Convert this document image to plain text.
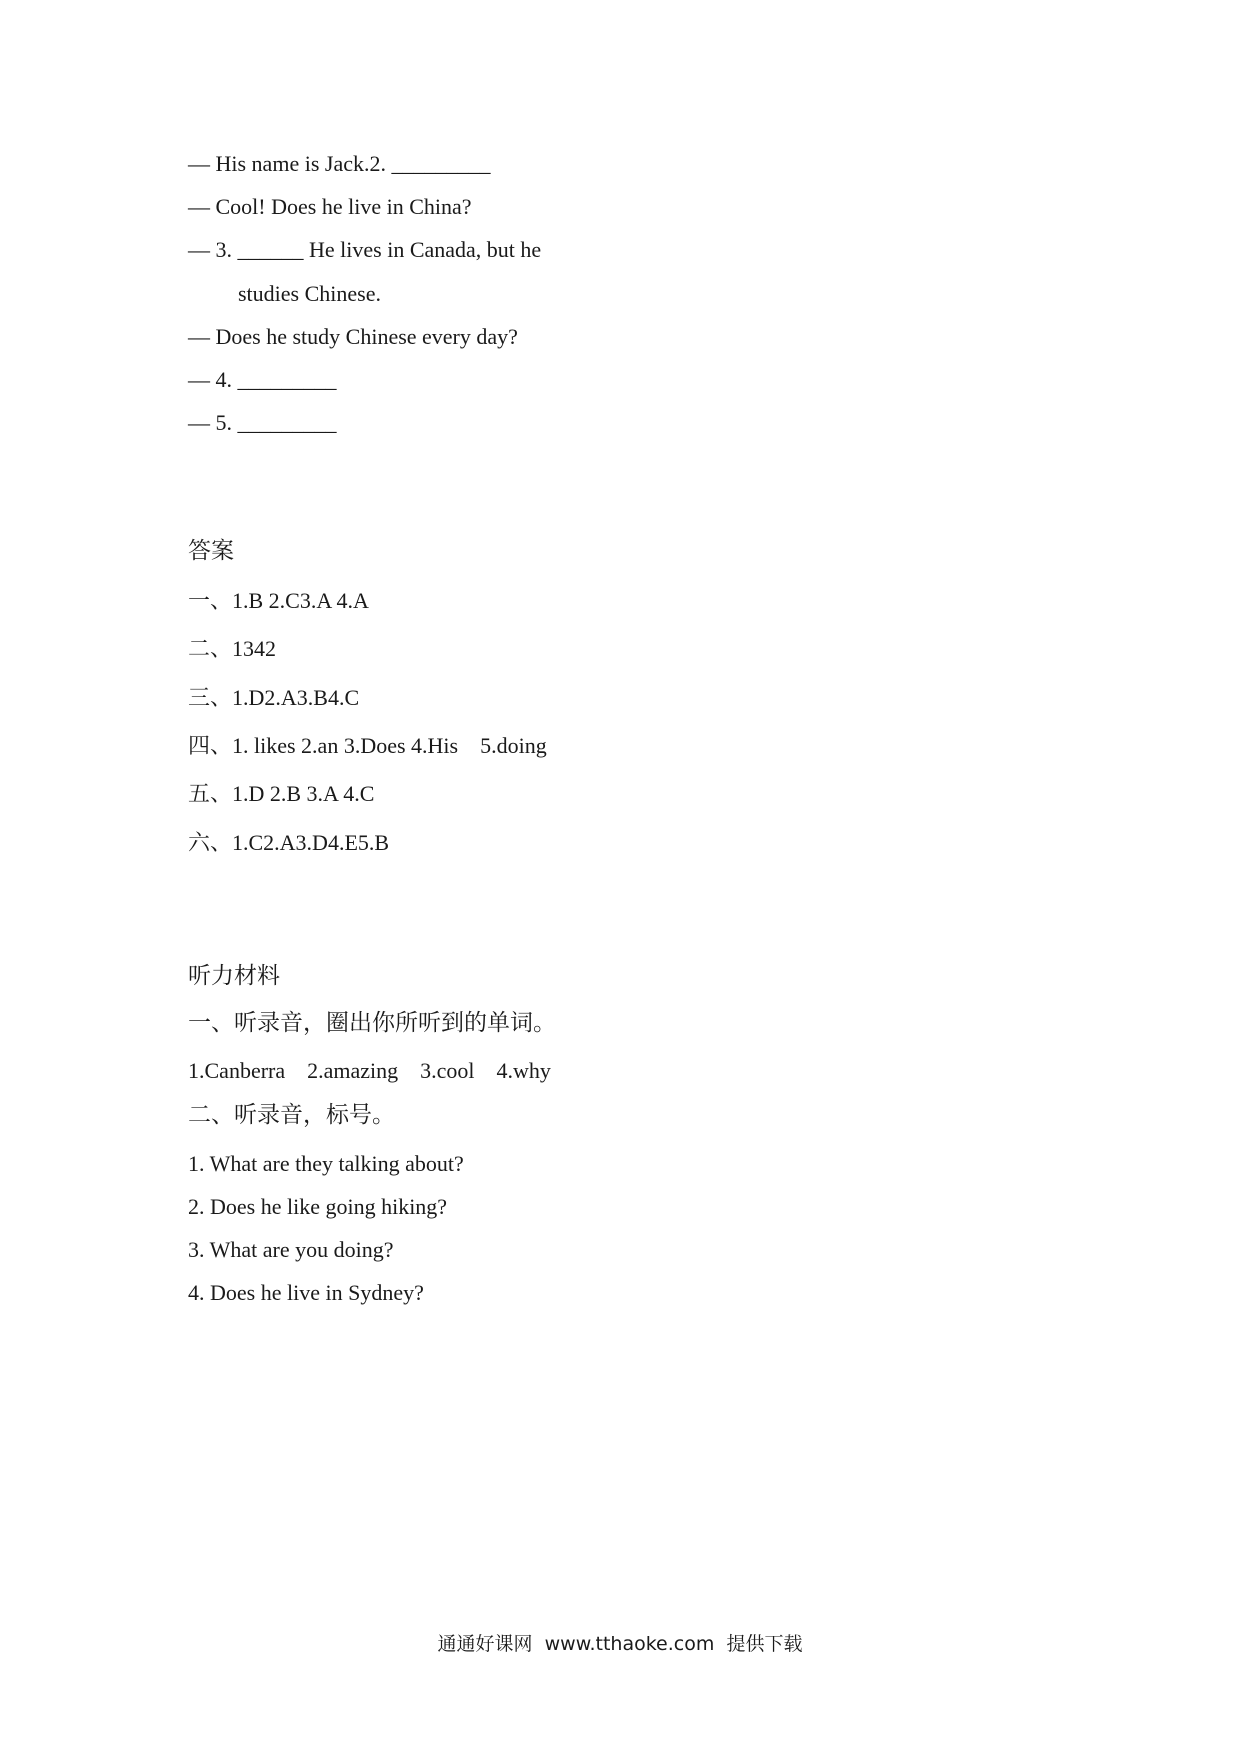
— His name is Jack.2. _________
— Cool! Does he live in China?
— 3. ______ He lives in Canada, but he
studies Chinese.
— Does he study Chinese every day?
— 4. _________
— 5. _________
答案
一、1.B 2.C3.A 4.A
二、1342
三、1.D2.A3.B4.C
四、1. likes 2.an 3.Does 4.His    5.doing
五、1.D 2.B 3.A 4.C
六、1.C2.A3.D4.E5.B
听力材料
一、听录音，圈出你所听到的单词。
1.Canberra    2.amazing    3.cool    4.why
二、听录音，标号。
1. What are they talking about?
2. Does he like going hiking?
3. What are you doing?
4. Does he live in Sydney?
通通好课网  www.tthaoke.com  提供下载
